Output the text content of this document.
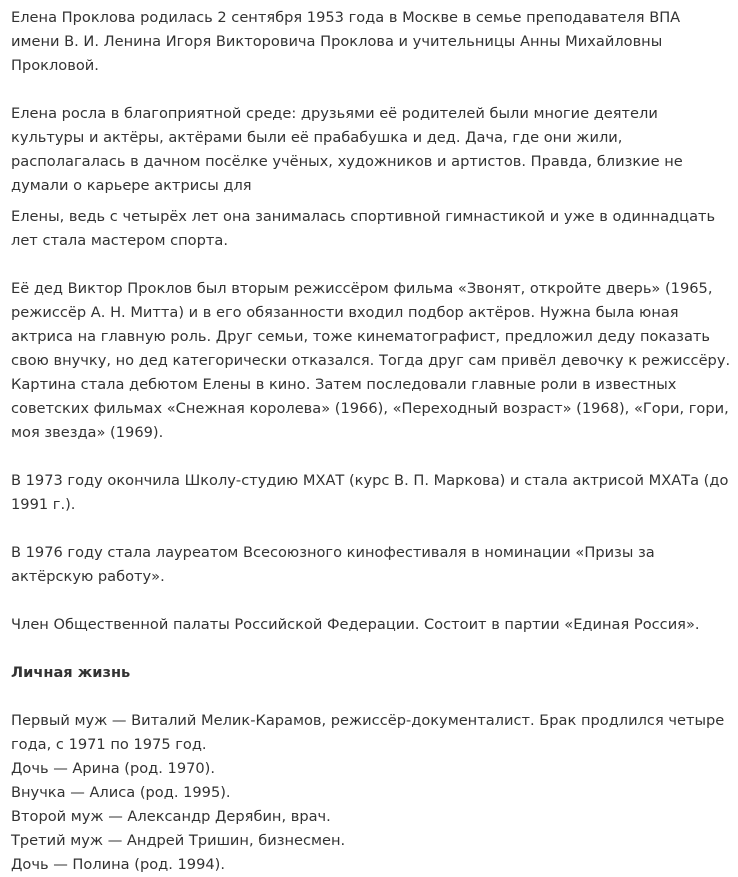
Елена Проклова родилась 2 сентября 1953 года в Москве в семье преподавателя ВПА имени В. И. Ленина Игоря Викторовича Проклова и учительницы Анны Михайловны Прокловой.

Елена росла в благоприятной среде: друзьями её родителей были многие деятели культуры и актёры, актёрами были её прабабушка и дед. Дача, где они жили, располагалась в дачном посёлке учёных, художников и артистов. Правда, близкие не думали о карьере актрисы для

Елены, ведь с четырёх лет она занималась спортивной гимнастикой и уже в одиннадцать лет стала мастером спорта.

Её дед Виктор Проклов был вторым режиссёром фильма «Звонят, откройте дверь» (1965, режиссёр А. Н. Митта) и в его обязанности входил подбор актёров. Нужна была юная актриса на главную роль. Друг семьи, тоже кинематографист, предложил деду показать свою внучку, но дед категорически отказался. Тогда друг сам привёл девочку к режиссёру. Картина стала дебютом Елены в кино. Затем последовали главные роли в известных советских фильмах «Снежная королева» (1966), «Переходный возраст» (1968), «Гори, гори, моя звезда» (1969).

В 1973 году окончила Школу-студию МХАТ (курс В. П. Маркова) и стала актрисой МХАТа (до 1991 г.).

В 1976 году стала лауреатом Всесоюзного кинофестиваля в номинации «Призы за актёрскую работу».

Член Общественной палаты Российской Федерации. Состоит в партии «Единая Россия».

Личная жизнь
Первый муж — Виталий Мелик-Карамов, режиссёр-документалист. Брак продлился четыре года, с 1971 по 1975 год.
Дочь — Арина (род. 1970).
Внучка — Алиса (род. 1995).
Второй муж — Александр Дерябин, врач.
Третий муж — Андрей Тришин, бизнесмен.
Дочь — Полина (род. 1994).
